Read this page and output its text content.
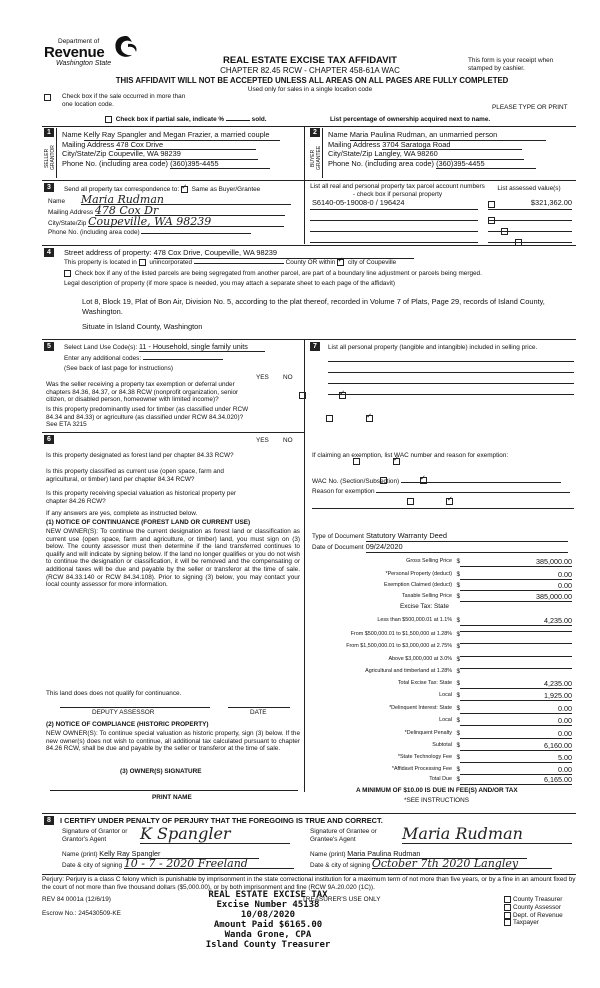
Department of
Revenue
Washington State	REAL ESTATE EXCISE TAX AFFIDAVIT
CHAPTER 82.45 RCW - CHAPTER 458-61A WAC
THIS AFFIDAVIT WILL NOT BE ACCEPTED UNLESS ALL AREAS ON ALL PAGES ARE FULLY COMPLETED
Used only for sales in a single location code
This form is your receipt when stamped by cashier.
Check box if the sale occurred in more than one location code.	PLEASE TYPE OR PRINT
Check box if partial sale, indicate %	sold.	List percentage of ownership acquired next to name.
1	2
SELLER GRANTOR	BUYER GRANTEE
Name Kelly Ray Spangler and Megan Frazier, a married couple
Mailing Address 478 Cox Drive
City/State/Zip Coupeville, WA 98239
Phone No. (including area code) (360)395-4455
Name Maria Paulina Rudman, an unmarried person
Mailing Address 3704 Saratoga Road
City/State/Zip Langley, WA 98260
Phone No. (including area code) (360)395-4455
3	Send all property tax correspondence to: ✓ Same as Buyer/Grantee
Name Maria Rudman
Mailing Address 478 Cox Dr
City/State/Zip Coupeville, WA 98239
Phone No. (including area code)
List all real and personal property tax parcel account numbers - check box if personal property
List assessed value(s)
S6140-05-19008-0 / 196424	$321,362.00

4	Street address of property: 478 Cox Drive, Coupeville, WA 98239
This property is located in unincorporated	County OR within ✓ city of Coupeville
Check box if any of the listed parcels are being segregated from another parcel, are part of a boundary line adjustment or parcels being merged.
Legal description of property (if more space is needed, you may attach a separate sheet to each page of the affidavit)
Lot 8, Block 19, Plat of Bon Air, Division No. 5, according to the plat thereof, recorded in Volume 7 of Plats, Page 29, records of Island County, Washington.
Situate in Island County, Washington
5	7
Select Land Use Code(s): 11 - Household, single family units
Enter any additional codes:
(See back of last page for instructions)
YES NO
Was the seller receiving a property tax exemption or deferral under chapters 84.36, 84.37, or 84.38 RCW (nonprofit organization, senior citizen, or disabled person, homeowner with limited income)?
✓
Is this property predominantly used for timber (as classified under RCW 84.34 and 84.33) or agriculture (as classified under RCW 84.34.020)? See ETA 3215
✓
List all personal property (tangible and intangible) included in selling price.
6	YES NO
Is this property designated as forest land per chapter 84.33 RCW?
✓
Is this property classified as current use (open space, farm and agricultural, or timber) land per chapter 84.34 RCW?
✓
Is this property receiving special valuation as historical property per chapter 84.26 RCW?
✓
If any answers are yes, complete as instructed below.
(1) NOTICE OF CONTINUANCE (FOREST LAND OR CURRENT USE)
NEW OWNER(S): To continue the current designation as forest land or classification as current use (open space, farm and agriculture, or timber) land, you must sign on (3) below. The county assessor must then determine if the land transferred continues to qualify and will indicate by signing below. If the land no longer qualifies or you do not wish to continue the designation or classification, it will be removed and the compensating or additional taxes will be due and payable by the seller or transferor at the time of sale. (RCW 84.33.140 or RCW 84.34.108). Prior to signing (3) below, you may contact your local county assessor for more information.
This land does does not qualify for continuance.
DEPUTY ASSESSOR	DATE
(2) NOTICE OF COMPLIANCE (HISTORIC PROPERTY)
NEW OWNER(S): To continue special valuation as historic property, sign (3) below. If the new owner(s) does not wish to continue, all additional tax calculated pursuant to chapter 84.26 RCW, shall be due and payable by the seller or transferor at the time of sale.
(3) OWNER(S) SIGNATURE
PRINT NAME
If claiming an exemption, list WAC number and reason for exemption:
WAC No. (Section/Subsection)
Reason for exemption
Type of Document Statutory Warranty Deed
Date of Document 09/24/2020
Gross Selling Price $	385,000.00
*Personal Property (deduct) $	0.00
Exemption Claimed (deduct) $	0.00
Taxable Selling Price $	385,000.00
Less than $500,000.01 at 1.1% $	4,235.00
From $500,000.01 to $1,500,000 at 1.28% $
From $1,500,000.01 to $3,000,000 at 2.75% $
Above $3,000,000 at 3.0% $
Agricultural and timberland at 1.28% $
Total Excise Tax: State $	4,235.00
Local $	1,925.00
*Delinquent Interest: State $	0.00
Local $	0.00
*Delinquent Penalty $	0.00
Subtotal $	6,160.00
*State Technology Fee $	5.00
*Affidavit Processing Fee $	0.00
Total Due $	6,165.00
Excise Tax: State
A MINIMUM OF $10.00 IS DUE IN FEE(S) AND/OR TAX
*SEE INSTRUCTIONS
8	I CERTIFY UNDER PENALTY OF PERJURY THAT THE FOREGOING IS TRUE AND CORRECT.
Signature of Grantor or Grantor's Agent	K Spangler
Name (print) Kelly Ray Spangler
Date & city of signing 10 - 7 - 2020 Freeland
Signature of Grantee or Grantee's Agent	Maria Rudman
Name (print) Maria Paulina Rudman
Date & city of signing October 7th 2020 Langley
Perjury: Perjury is a class C felony which is punishable by imprisonment in the state correctional institution for a maximum term of not more than five years, or by a fine in an amount fixed by the court of not more than five thousand dollars ($5,000.00), or by both imprisonment and fine (RCW 9A.20.020 (1C)).
REV 84 0001a (12/6/19)
Escrow No.: 245430509-KE
TREASURER'S USE ONLY
REAL ESTATE EXCISE TAX
Excise Number 45138
10/08/2020
Amount Paid $6165.00
Wanda Grone, CPA
Island County Treasurer
County Treasurer
County Assessor
Dept. of Revenue
Taxpayer
